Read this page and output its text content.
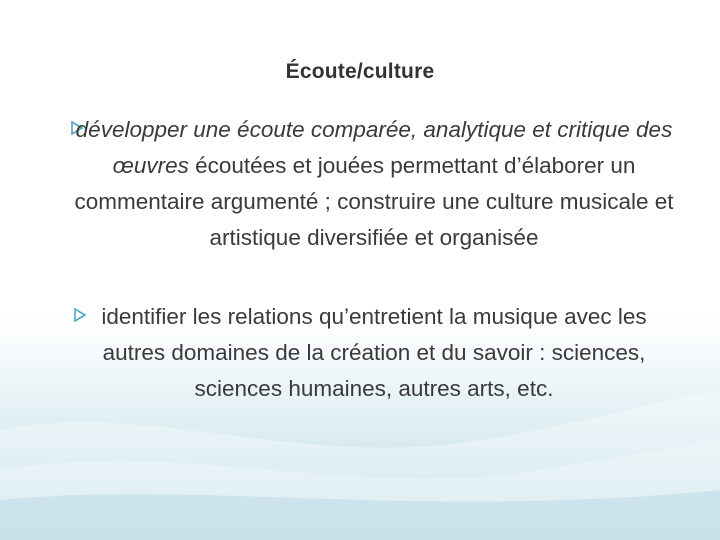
Écoute/culture
développer une écoute comparée, analytique et critique des œuvres écoutées et jouées permettant d’élaborer un commentaire argumenté ; construire une culture musicale et artistique diversifiée et organisée
identifier les relations qu’entretient la musique avec les autres domaines de la création et du savoir : sciences, sciences humaines, autres arts, etc.
